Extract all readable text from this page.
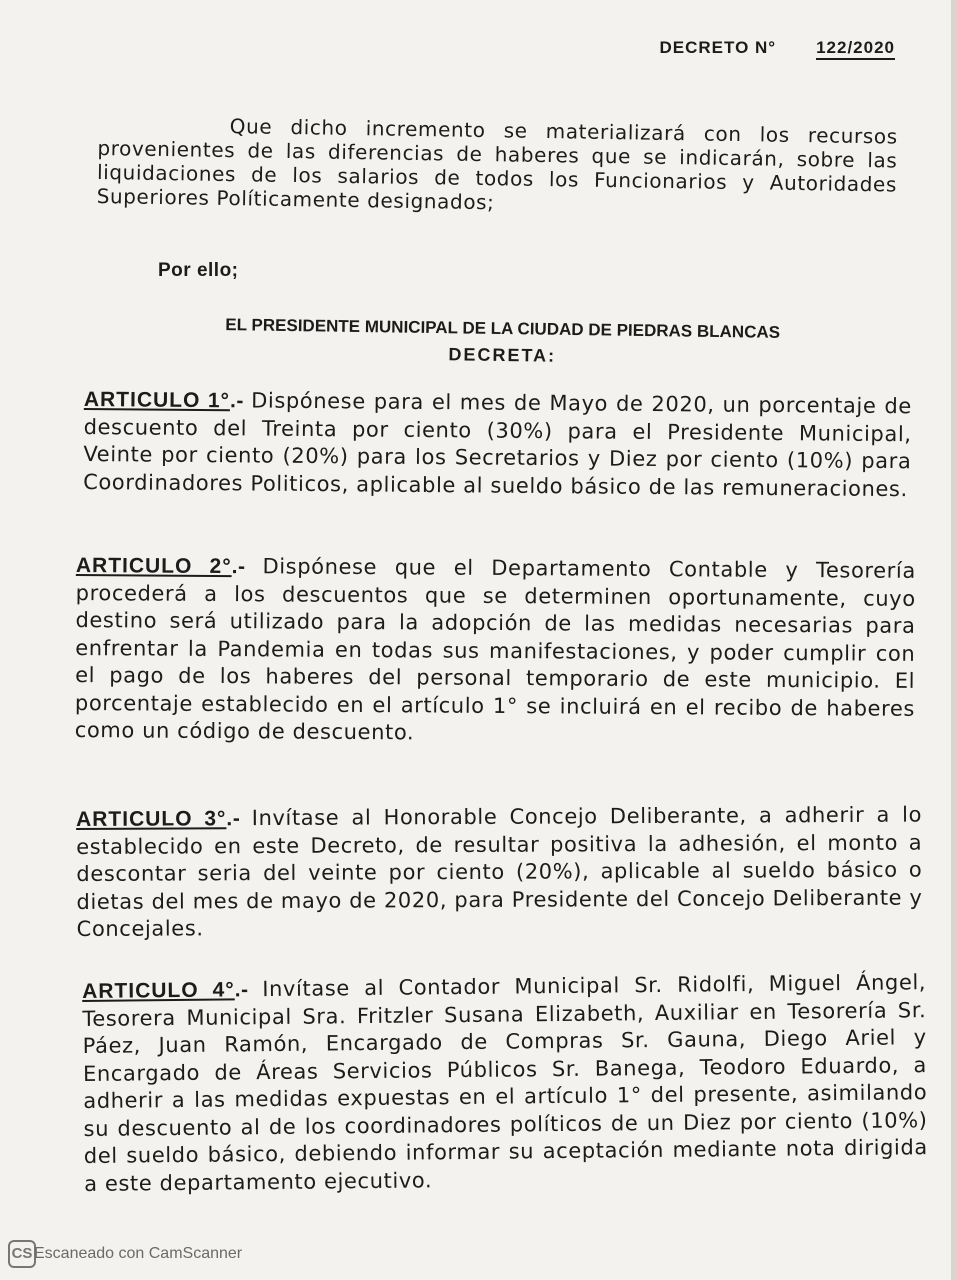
DECRETO N° 122/2020
Que dicho incremento se materializará con los recursos provenientes de las diferencias de haberes que se indicarán, sobre las liquidaciones de los salarios de todos los Funcionarios y Autoridades Superiores Políticamente designados;
Por ello;
EL PRESIDENTE MUNICIPAL DE LA CIUDAD DE PIEDRAS BLANCAS
DECRETA:
ARTICULO 1°.- Dispónese para el mes de Mayo de 2020, un porcentaje de descuento del Treinta por ciento (30%) para el Presidente Municipal, Veinte por ciento (20%) para los Secretarios y Diez por ciento (10%) para Coordinadores Politicos, aplicable al sueldo básico de las remuneraciones.
ARTICULO 2°.- Dispónese que el Departamento Contable y Tesorería procederá a los descuentos que se determinen oportunamente, cuyo destino será utilizado para la adopción de las medidas necesarias para enfrentar la Pandemia en todas sus manifestaciones, y poder cumplir con el pago de los haberes del personal temporario de este municipio. El porcentaje establecido en el artículo 1° se incluirá en el recibo de haberes como un código de descuento.
ARTICULO 3°.- Invítase al Honorable Concejo Deliberante, a adherir a lo establecido en este Decreto, de resultar positiva la adhesión, el monto a descontar seria del veinte por ciento (20%), aplicable al sueldo básico o dietas del mes de mayo de 2020, para Presidente del Concejo Deliberante y Concejales.
ARTICULO 4°.- Invítase al Contador Municipal Sr. Ridolfi, Miguel Ángel, Tesorera Municipal Sra. Fritzler Susana Elizabeth, Auxiliar en Tesorería Sr. Páez, Juan Ramón, Encargado de Compras Sr. Gauna, Diego Ariel y Encargado de Áreas Servicios Públicos Sr. Banega, Teodoro Eduardo, a adherir a las medidas expuestas en el artículo 1° del presente, asimilando su descuento al de los coordinadores políticos de un Diez por ciento (10%) del sueldo básico, debiendo informar su aceptación mediante nota dirigida a este departamento ejecutivo.
CS Escaneado con CamScanner
